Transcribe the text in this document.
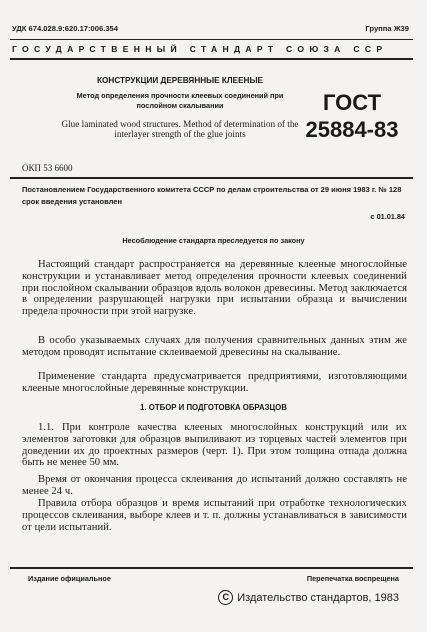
УДК 674.028.9:620.17:006.354	Группа Ж39
ГОСУДАРСТВЕННЫЙ СТАНДАРТ СОЮЗА ССР
КОНСТРУКЦИИ ДЕРЕВЯННЫЕ КЛЕЕНЫЕ
Метод определения прочности клеевых соединений при послойном скалывании
Glue laminated wood structures. Method of determination of the interlayer strength of the glue joints
ГОСТ
25884-83
ОКП 53 6600
Постановлением Государственного комитета СССР по делам строительства от 29 июня 1983 г. № 128 срок введения установлен
с 01.01.84
Несоблюдение стандарта преследуется по закону
Настоящий стандарт распространяется на деревянные клееные многослойные конструкции и устанавливает метод определения прочности клеевых соединений при послойном скалывании образцов вдоль волокон древесины. Метод заключается в определении разрушающей нагрузки при испытании образца и вычислении предела прочности при этой нагрузке.
В особо указываемых случаях для получения сравнительных данных этим же методом проводят испытание склеиваемой древесины на скалывание.
Применение стандарта предусматривается предприятиями, изготовляющими клееные многослойные деревянные конструкции.
1. ОТБОР И ПОДГОТОВКА ОБРАЗЦОВ
1.1. При контроле качества клееных многослойных конструкций или их элементов заготовки для образцов выпиливают из торцевых частей элементов при доведении их до проектных размеров (черт. 1). При этом толщина отпада должна быть не менее 50 мм.
Время от окончания процесса склеивания до испытаний должно составлять не менее 24 ч.
Правила отбора образцов и время испытаний при отработке технологических процессов склеивания, выборе клеев и т. п. должны устанавливаться в зависимости от цели испытаний.
Издание официальное	Перепечатка воспрещена
C Издательство стандартов, 1983
